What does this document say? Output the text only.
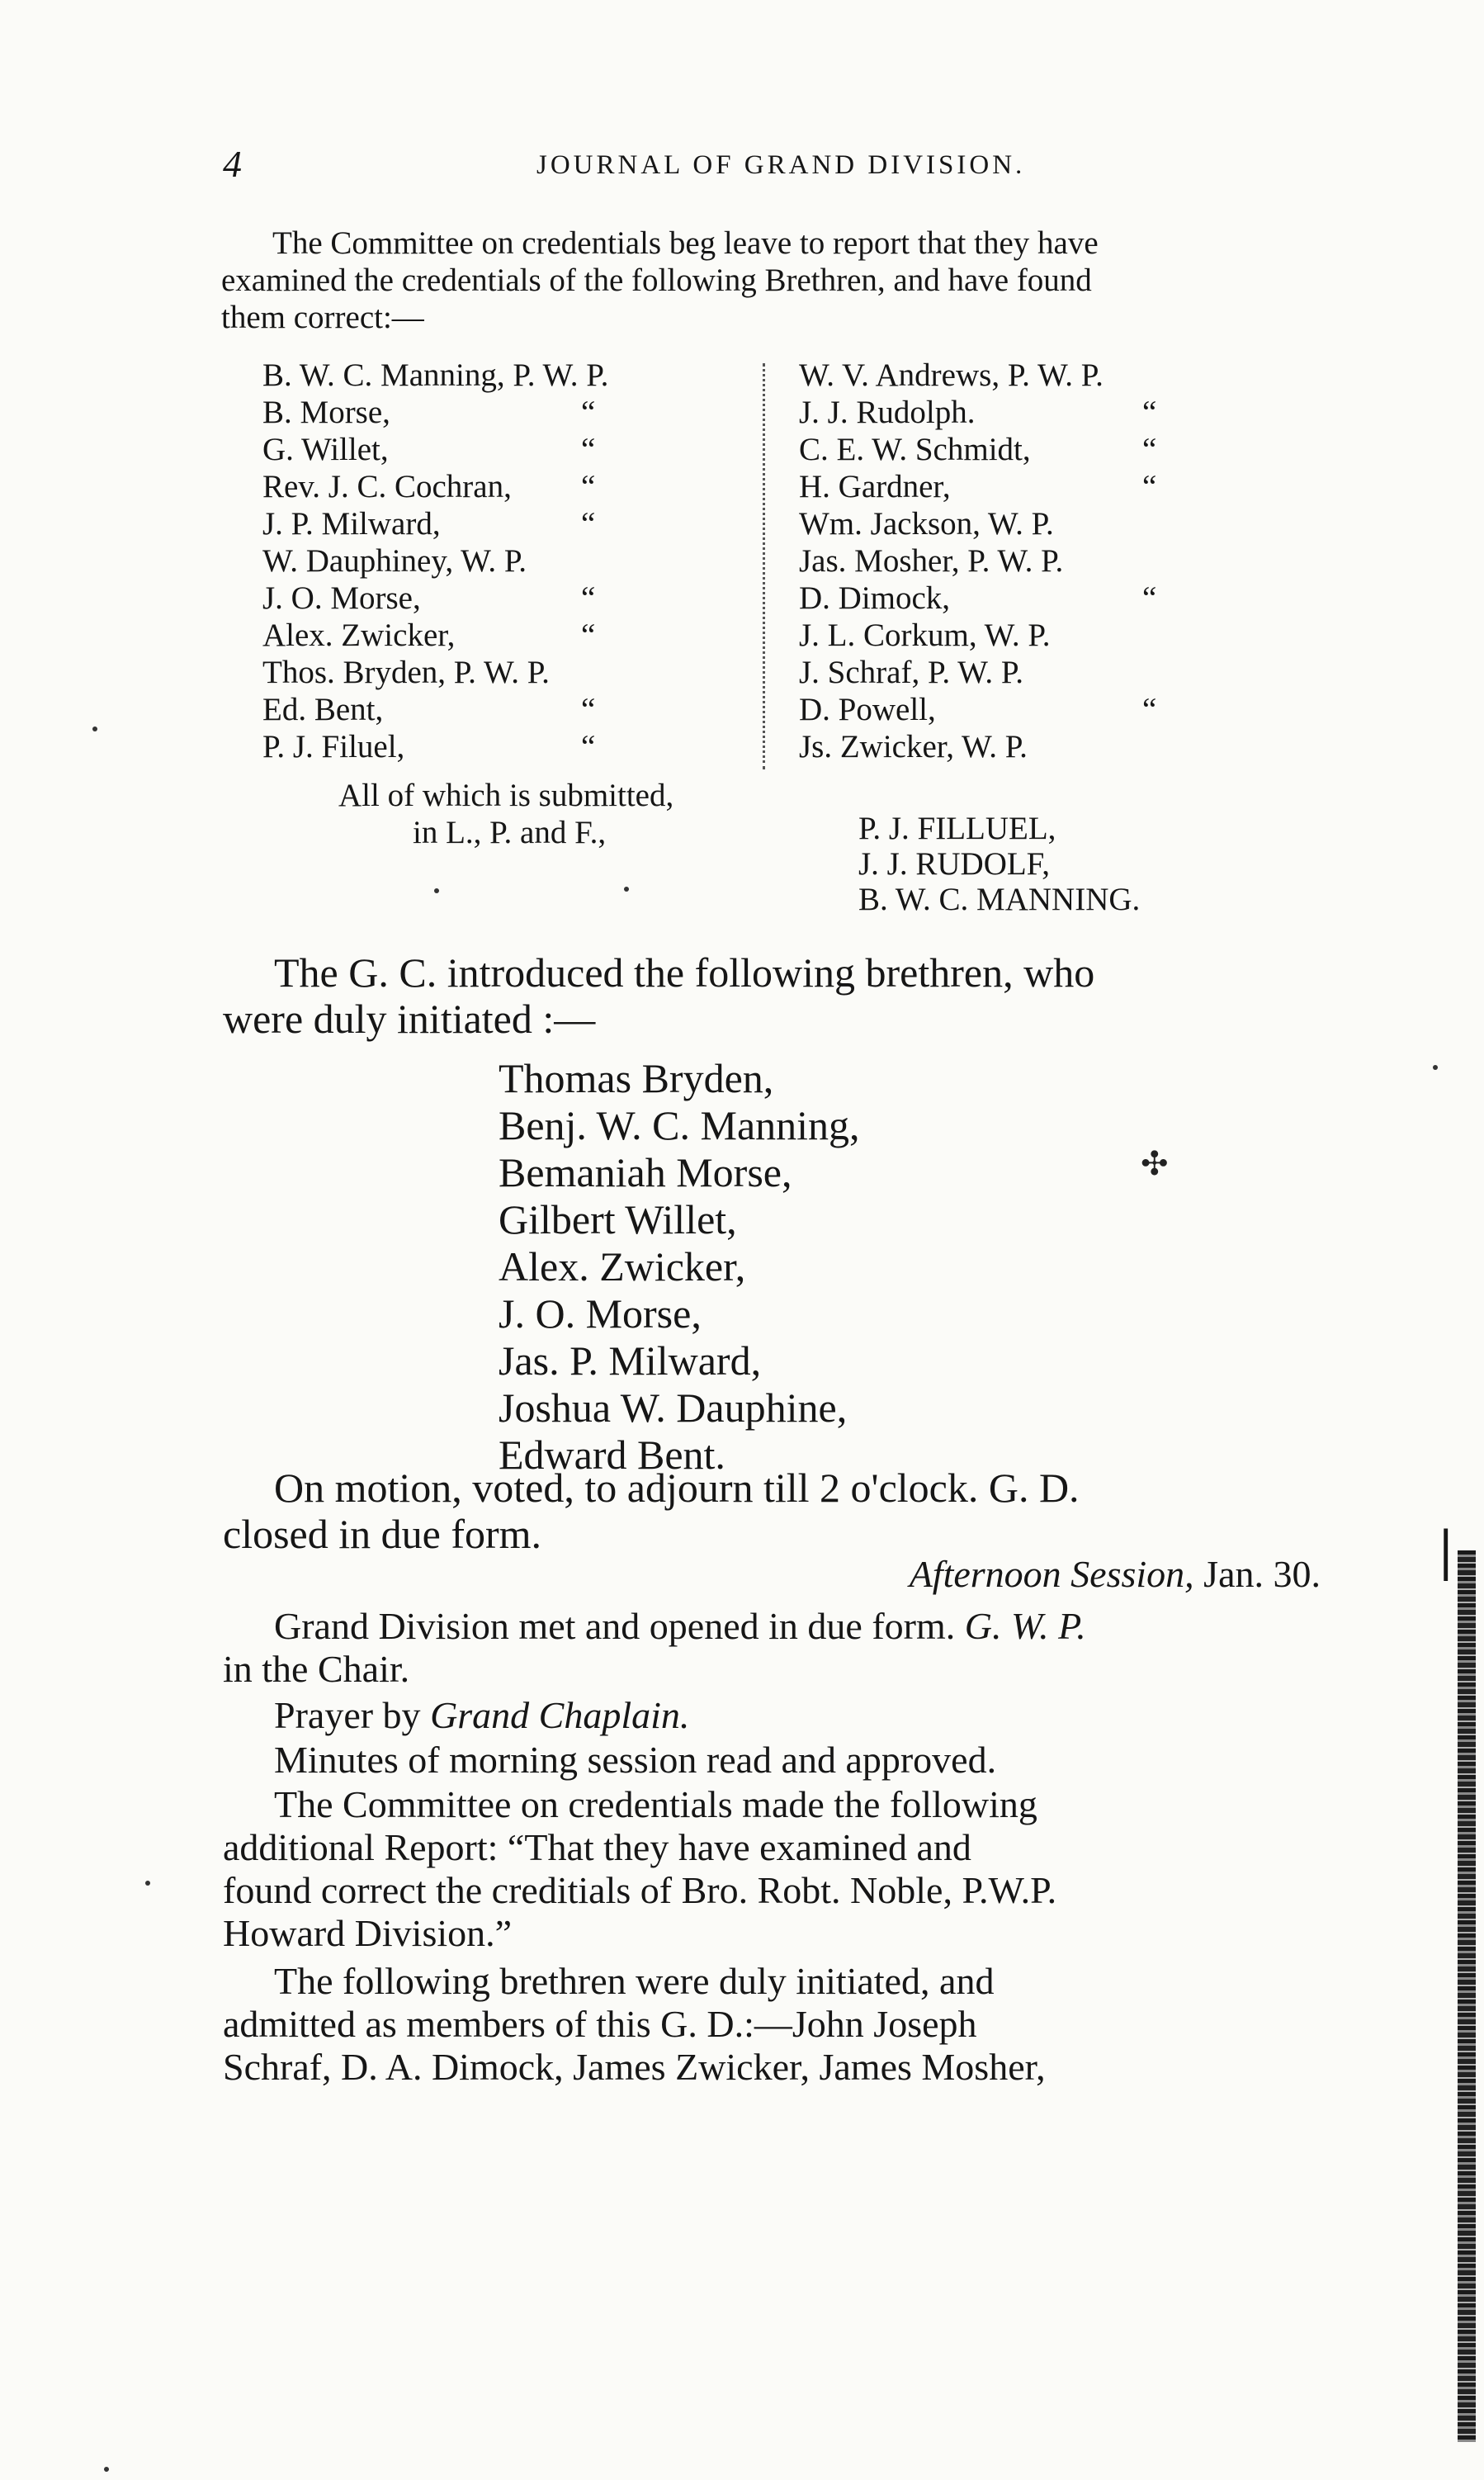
4	JOURNAL OF GRAND DIVISION.
The Committee on credentials beg leave to report that they have
examined the credentials of the following Brethren, and have found
them correct:—
B. W. C. Manning, P. W. P.
B. Morse,	“
G. Willet,	“
Rev. J. C. Cochran, “
J. P. Milward,	“
W. Dauphiney, W. P.
J. O. Morse,	“
Alex. Zwicker,	“
Thos. Bryden, P. W. P.
Ed. Bent,	“
P. J. Filuel,	“
W. V. Andrews, P. W. P.
J. J. Rudolph.	“
C. E. W. Schmidt,	“
H. Gardner,	“
Wm. Jackson, W. P.
Jas. Mosher, P. W. P.
D. Dimock,	“
J. L. Corkum, W. P.
J. Schraf, P. W. P.
D. Powell,	“
Js. Zwicker, W. P.
All of which is submitted,
in L., P. and F.,	P. J. FILLUEL,
J. J. RUDOLF,
B. W. C. MANNING.
The G. C. introduced the following brethren, who
were duly initiated :—
Thomas Bryden,
Benj. W. C. Manning,
Bemaniah Morse,
Gilbert Willet,
Alex. Zwicker,
J. O. Morse,
Jas. P. Milward,
Joshua W. Dauphine,
Edward Bent.
✣
On motion, voted, to adjourn till 2 o'clock. G. D.
closed in due form.
Afternoon Session, Jan. 30.
Grand Division met and opened in due form. G. W. P.
in the Chair.
Prayer by Grand Chaplain.
Minutes of morning session read and approved.
The Committee on credentials made the following
additional Report: “That they have examined and
found correct the creditials of Bro. Robt. Noble, P.W.P.
Howard Division.”
The following brethren were duly initiated, and
admitted as members of this G. D.:—John Joseph
Schraf, D. A. Dimock, James Zwicker, James Mosher,
|
